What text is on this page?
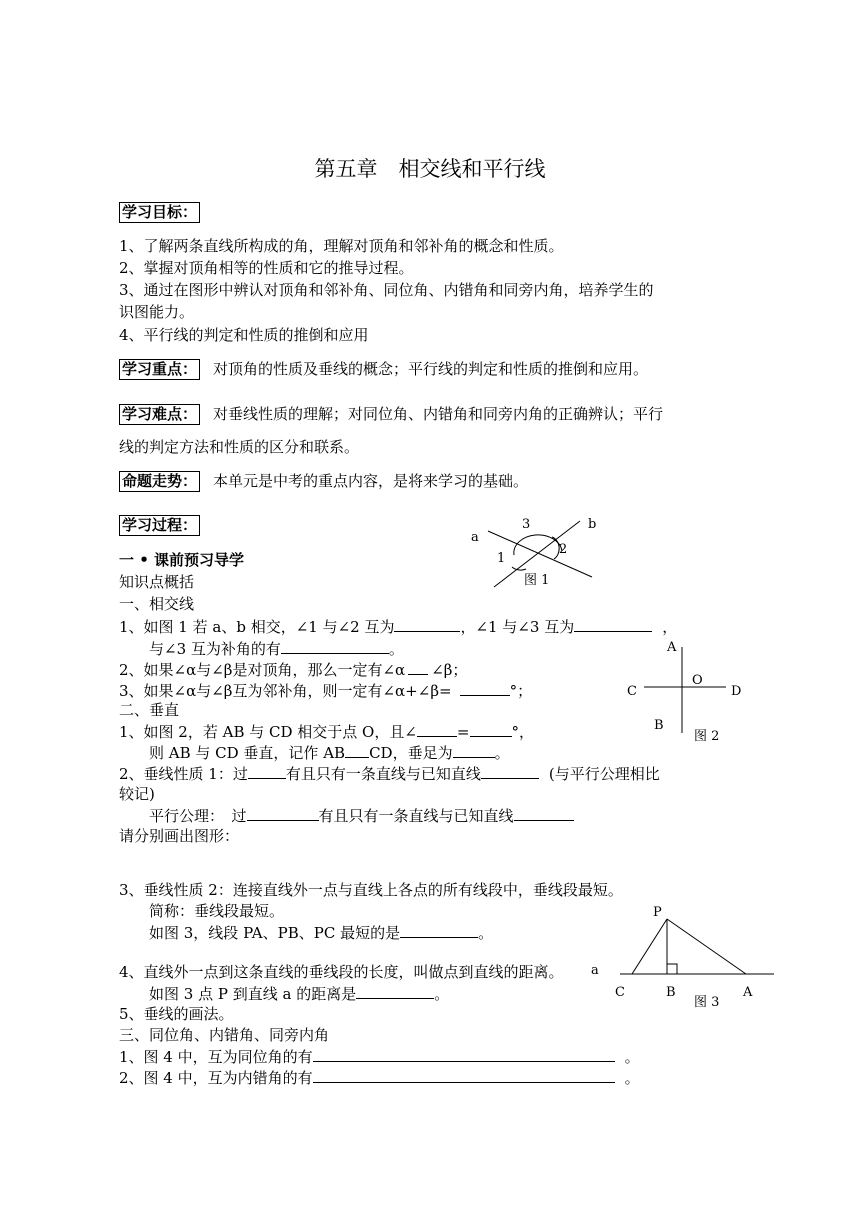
第五章　相交线和平行线
学习目标：
1、了解两条直线所构成的角，理解对顶角和邻补角的概念和性质。
2、掌握对顶角相等的性质和它的推导过程。
3、通过在图形中辨认对顶角和邻补角、同位角、内错角和同旁内角，培养学生的
识图能力。
4、平行线的判定和性质的推倒和应用
学习重点： 对顶角的性质及垂线的概念；平行线的判定和性质的推倒和应用。
学习难点： 对垂线性质的理解；对同位角、内错角和同旁内角的正确辨认；平行
线的判定方法和性质的区分和联系。
命题走势： 本单元是中考的重点内容，是将来学习的基础。
学习过程：
一 • 课前预习导学
知识点概括
一、相交线
1、如图 1 若 a、b 相交，∠1 与∠2 互为	，∠1 与∠3 互为	，
与∠3 互为补角的有	。
2、如果∠α与∠β是对顶角，那么一定有∠α ∠β；
3、如果∠α与∠β互为邻补角，则一定有∠α+∠β=	°；
二、垂直
1、如图 2，若 AB 与 CD 相交于点 O，且∠	=	°，
则 AB 与 CD 垂直，记作 AB CD，垂足为	。
2、垂线性质 1：过	有且只有一条直线与已知直线	(与平行公理相比
较记)
平行公理：　过	有且只有一条直线与已知直线
请分别画出图形：
3、垂线性质 2：连接直线外一点与直线上各点的所有线段中，垂线段最短。
简称：垂线段最短。
如图 3，线段 PA、PB、PC 最短的是	。
4、直线外一点到这条直线的垂线段的长度，叫做点到直线的距离。
如图 3 点 P 到直线 a 的距离是	。
5、垂线的画法。
三、同位角、内错角、同旁内角
1、图 4 中，互为同位角的有	。
2、图 4 中，互为内错角的有	。
a
b
3
2
1
图 1
A
O
C	D
B
图 2
P
a
C	B	A
图 3
